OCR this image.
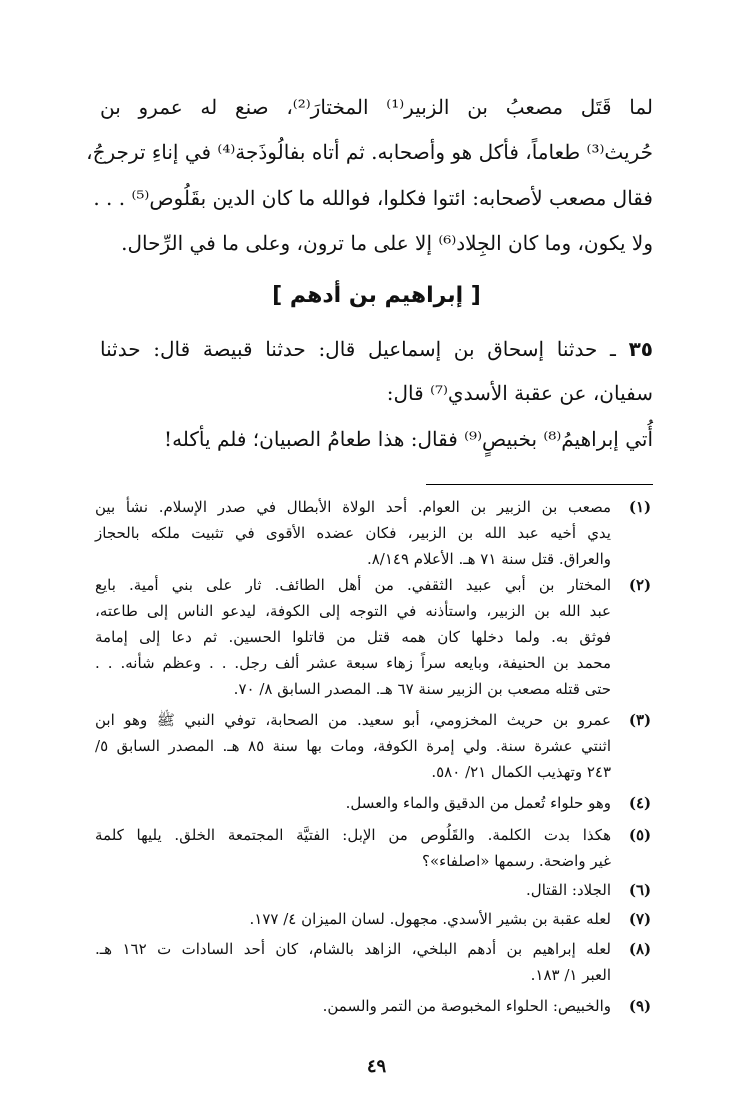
لما قَتَل مصعبُ بن الزبير⁽¹⁾ المختارَ⁽²⁾، صنع له عمرو بن
حُريث⁽³⁾ طعاماً، فأكل هو وأصحابه. ثم أتاه بفالُوذَجة⁽⁴⁾ في إناءِ ترجرجُ،
فقال مصعب لأصحابه: ائتوا فكلوا، فوالله ما كان الدين بقَلُوص⁽⁵⁾ . . .
ولا يكون، وما كان الجِلاد⁽⁶⁾ إلا على ما ترون، وعلى ما في الرِّحال.
[ إبراهيم بن أدهم ]
٣٥ ـ حدثنا إسحاق بن إسماعيل قال: حدثنا قبيصة قال: حدثنا
سفيان، عن عقبة الأسدي⁽⁷⁾ قال:
أُتي إبراهيمُ⁽⁸⁾ بخبيصٍ⁽⁹⁾ فقال: هذا طعامُ الصبيان؛ فلم يأكله!
(١)
مصعب بن الزبير بن العوام. أحد الولاة الأبطال في صدر الإسلام. نشأ بين
يدي أخيه عبد الله بن الزبير، فكان عضده الأقوى في تثبيت ملكه بالحجاز
والعراق. قتل سنة ٧١ هـ. الأعلام ٨/١٤٩.
(٢)
المختار بن أبي عبيد الثقفي. من أهل الطائف. ثار على بني أمية. بايع
عبد الله بن الزبير، واستأذنه في التوجه إلى الكوفة، ليدعو الناس إلى طاعته،
فوثق به. ولما دخلها كان همه قتل من قاتلوا الحسين. ثم دعا إلى إمامة
محمد بن الحنيفة، وبايعه سراً زهاء سبعة عشر ألف رجل. . . وعظم شأنه. . .
حتى قتله مصعب بن الزبير سنة ٦٧ هـ. المصدر السابق ٨/ ٧٠.
(٣)
عمرو بن حريث المخزومي، أبو سعيد. من الصحابة، توفي النبي ﷺ وهو ابن
اثنتي عشرة سنة. ولي إمرة الكوفة، ومات بها سنة ٨٥ هـ. المصدر السابق ٥/
٢٤٣ وتهذيب الكمال ٢١/ ٥٨٠.
(٤)
وهو حلواء تُعمل من الدقيق والماء والعسل.
(٥)
هكذا بدت الكلمة. والقَلُوص من الإبل: الفتيَّة المجتمعة الخلق. يليها كلمة
غير واضحة. رسمها «اصلفاء»؟
(٦)
الجلاد: القتال.
(٧)
لعله عقبة بن بشير الأسدي. مجهول. لسان الميزان ٤/ ١٧٧.
(٨)
لعله إبراهيم بن أدهم البلخي، الزاهد بالشام، كان أحد السادات ت ١٦٢ هـ.
العبر ١/ ١٨٣.
(٩)
والخبيص: الحلواء المخبوصة من التمر والسمن.
٤٩
